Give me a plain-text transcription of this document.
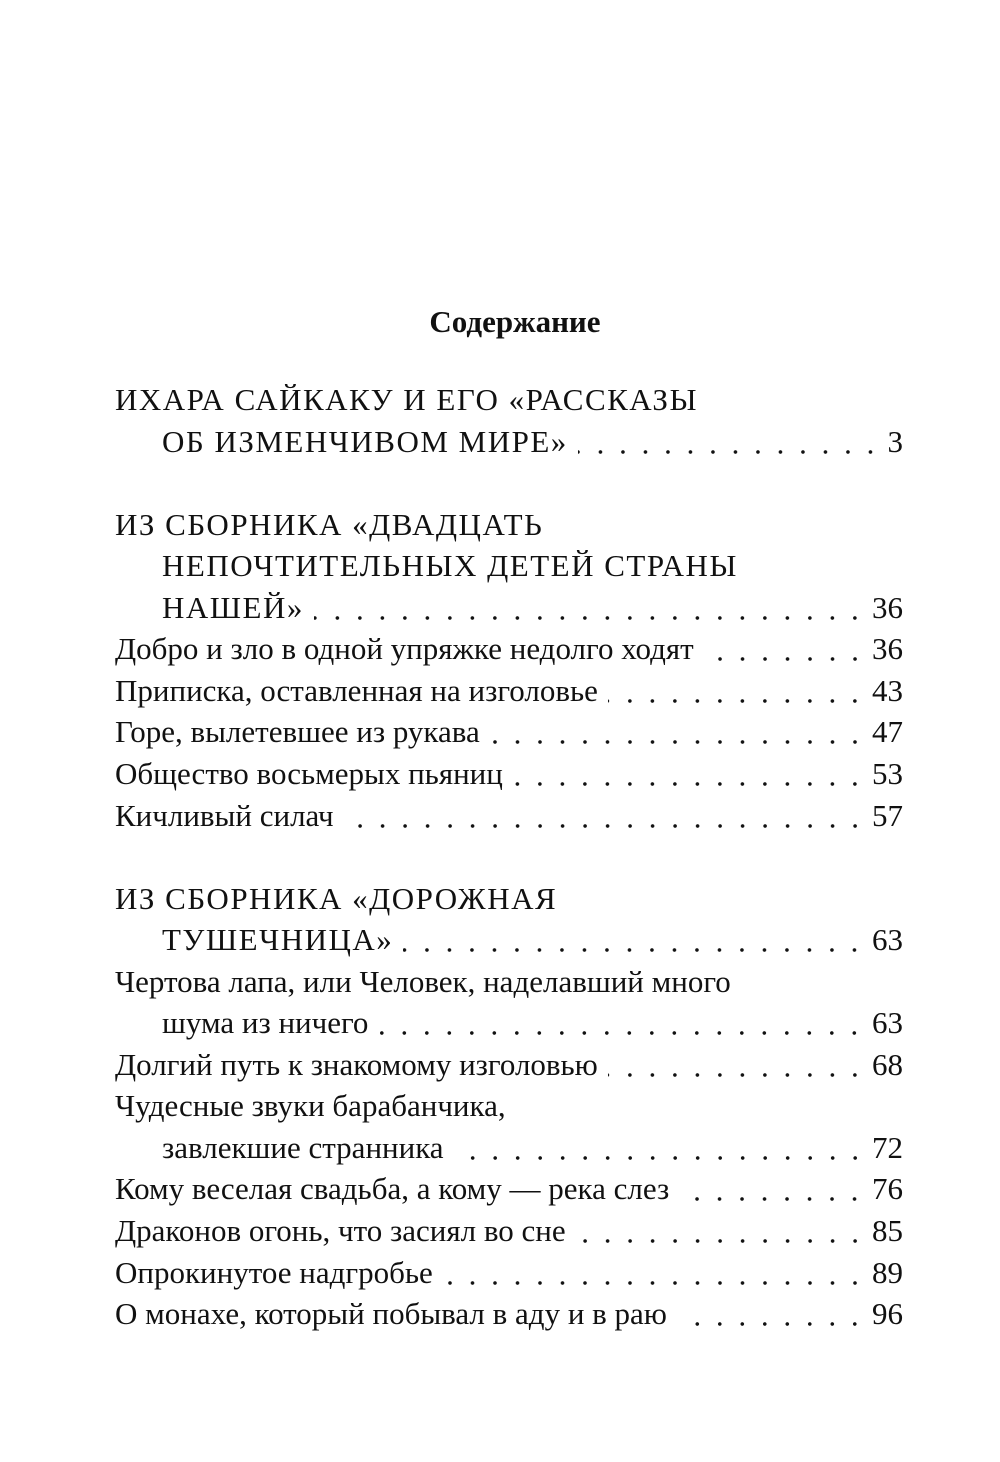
Содержание
ИХАРА САЙКАКУ И ЕГО «РАССКАЗЫ
ОБ ИЗМЕНЧИВОМ МИРЕ»	3
ИЗ СБОРНИКА «ДВАДЦАТЬ
НЕПОЧТИТЕЛЬНЫХ ДЕТЕЙ СТРАНЫ
НАШЕЙ»	36
Добро и зло в одной упряжке недолго ходят	36
Приписка, оставленная на изголовье	43
Горе, вылетевшее из рукава	47
Общество восьмерых пьяниц	53
Кичливый силач	57
ИЗ СБОРНИКА «ДОРОЖНАЯ
ТУШЕЧНИЦА»	63
Чертова лапа, или Человек, наделавший много
шума из ничего	63
Долгий путь к знакомому изголовью	68
Чудесные звуки барабанчика,
завлекшие странника	72
Кому веселая свадьба, а кому — река слез	76
Драконов огонь, что засиял во сне	85
Опрокинутое надгробье	89
О монахе, который побывал в аду и в раю	96
